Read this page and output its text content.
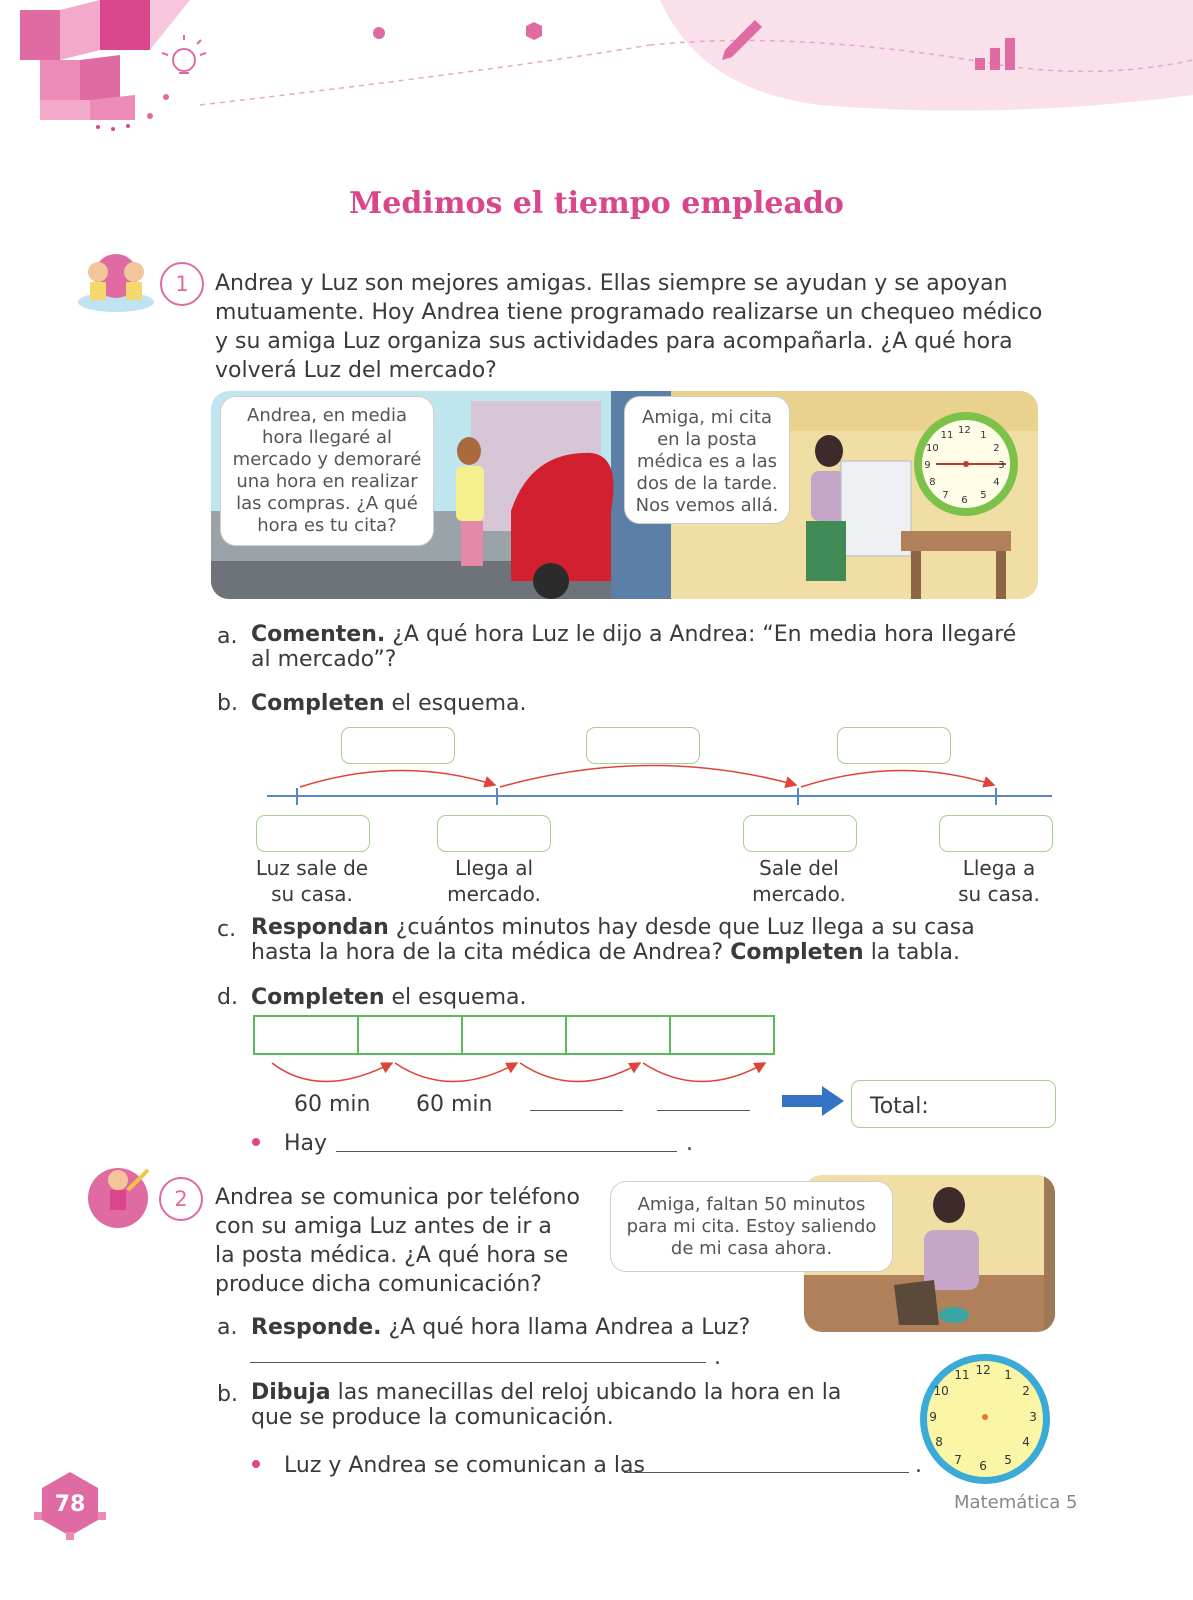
Medimos el tiempo empleado
1	Andrea y Luz son mejores amigas. Ellas siempre se ayudan y se apoyan mutuamente. Hoy Andrea tiene programado realizarse un chequeo médico y su amiga Luz organiza sus actividades para acompañarla. ¿A qué hora volverá Luz del mercado?
12 1 2 3 4 5 6 7 8 9 10 11
Andrea, en media
hora llegaré al
mercado y demoraré
una hora en realizar
las compras. ¿A qué
hora es tu cita?
Amiga, mi cita
en la posta
médica es a las
dos de la tarde.
Nos vemos allá.
a. Comenten. ¿A qué hora Luz le dijo a Andrea: “En media hora llegaré al mercado”?
b. Completen el esquema.
Luz sale de
su casa.
Llega al
mercado.
Sale del
mercado.
Llega a
su casa.
c. Respondan ¿cuántos minutos hay desde que Luz llega a su casa hasta la hora de la cita médica de Andrea? Completen la tabla.
d. Completen el esquema.
60 min 60 min	Total:
Hay	.
2	Andrea se comunica por teléfono
con su amiga Luz antes de ir a
la posta médica. ¿A qué hora se
produce dicha comunicación?
Amiga, faltan 50 minutos
para mi cita. Estoy saliendo
de mi casa ahora.
a. Responde. ¿A qué hora llama Andrea a Luz?
.
b. Dibuja las manecillas del reloj ubicando la hora en la que se produce la comunicación.
Luz y Andrea se comunican a las	.
12 1 2 3 4 5 6 7 8 9 10 11
78	Matemática 5
